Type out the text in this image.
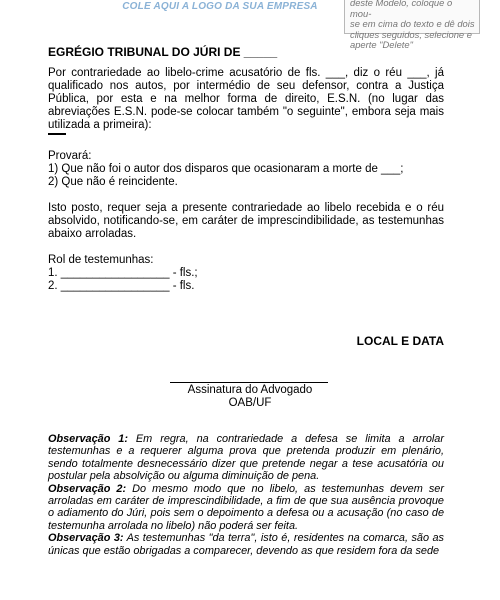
COLE AQUI A LOGO DA SUA EMPRESA	deste Modelo, coloque o mou-
se em cima do texto e dê dois
cliques seguidos, selecione e
aperte "Delete"
EGRÉGIO TRIBUNAL DO JÚRI DE _____
Por contrariedade ao libelo-crime acusatório de fls. ___, diz o réu ___, já qualificado nos autos, por intermédio de seu defensor, contra a Justiça Pública, por esta e na melhor forma de direito, E.S.N. (no lugar das abreviações E.S.N. pode-se colocar também "o seguinte", embora seja mais utilizada a primeira):
Provará:
1) Que não foi o autor dos disparos que ocasionaram a morte de ___;
2) Que não é reincidente.
Isto posto, requer seja a presente contrariedade ao libelo recebida e o réu absolvido, notificando-se, em caráter de imprescindibilidade, as testemunhas abaixo arroladas.
Rol de testemunhas:
1. _________________ - fls.;
2. _________________ - fls.
LOCAL E DATA
Assinatura do Advogado
OAB/UF

Observação 1: Em regra, na contrariedade a defesa se limita a arrolar testemunhas e a requerer alguma prova que pretenda produzir em plenário, sendo totalmente desnecessário dizer que pretende negar a tese acusatória ou postular pela absolvição ou alguma diminuição de pena.

Observação 2: Do mesmo modo que no libelo, as testemunhas devem ser arroladas em caráter de imprescindibilidade, a fim de que sua ausência provoque o adiamento do Júri, pois sem o depoimento a defesa ou a acusação (no caso de testemunha arrolada no libelo) não poderá ser feita.

Observação 3: As testemunhas "da terra", isto é, residentes na comarca, são as únicas que estão obrigadas a comparecer, devendo as que residem fora da sede
